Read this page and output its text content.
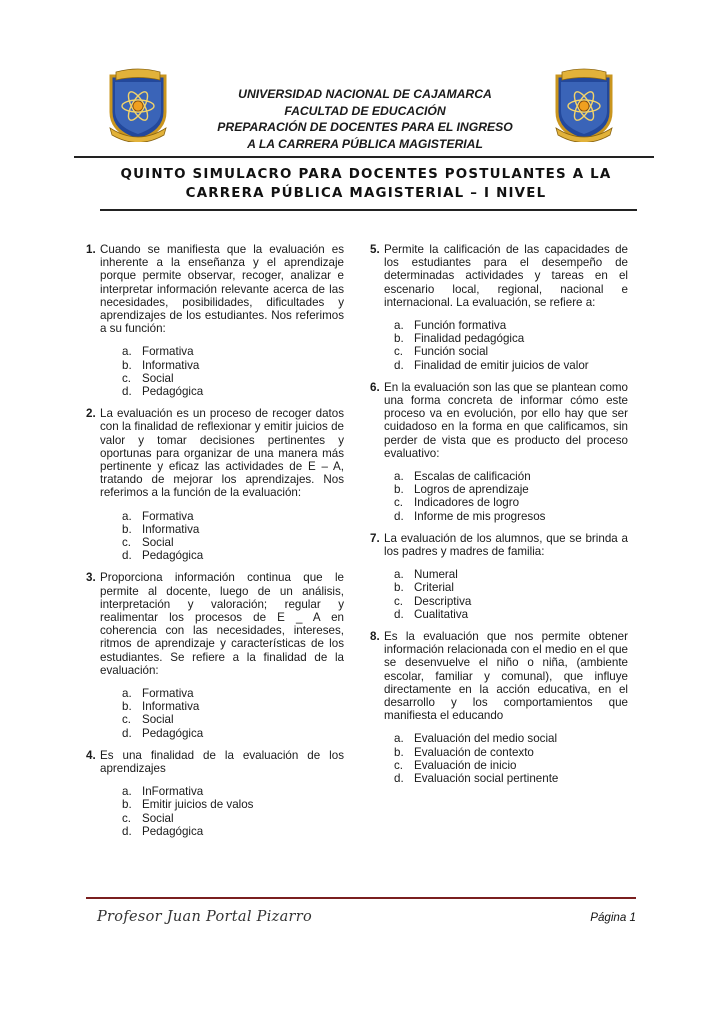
UNIVERSIDAD NACIONAL DE CAJAMARCA
FACULTAD DE EDUCACIÓN
PREPARACIÓN DE DOCENTES PARA EL INGRESO
A LA CARRERA PÚBLICA MAGISTERIAL
QUINTO SIMULACRO PARA DOCENTES POSTULANTES A LA
CARRERA PÚBLICA MAGISTERIAL – I NIVEL
1. Cuando se manifiesta que la evaluación es inherente a la enseñanza y el aprendizaje porque permite observar, recoger, analizar e interpretar información relevante acerca de las necesidades, posibilidades, dificultades y aprendizajes de los estudiantes. Nos referimos a su función:
a. Formativa
b. Informativa
c. Social
d. Pedagógica
2. La evaluación es un proceso de recoger datos con la finalidad de reflexionar y emitir juicios de valor y tomar decisiones pertinentes y oportunas para organizar de una manera más pertinente y eficaz las actividades de E – A, tratando de mejorar los aprendizajes. Nos referimos a la función de la evaluación:
a. Formativa
b. Informativa
c. Social
d. Pedagógica
3. Proporciona información continua que le permite al docente, luego de un análisis, interpretación y valoración; regular y realimentar los procesos de E _ A en coherencia con las necesidades, intereses, ritmos de aprendizaje y características de los estudiantes. Se refiere a la finalidad de la evaluación:
a. Formativa
b. Informativa
c. Social
d. Pedagógica
4. Es una finalidad de la evaluación de los aprendizajes
a. InFormativa
b. Emitir juicios de valos
c. Social
d. Pedagógica
5. Permite la calificación de las capacidades de los estudiantes para el desempeño de determinadas actividades y tareas en el escenario local, regional, nacional e internacional. La evaluación, se refiere a:
a. Función formativa
b. Finalidad pedagógica
c. Función social
d. Finalidad de emitir juicios de valor
6. En la evaluación son las que se plantean como una forma concreta de informar cómo este proceso va en evolución, por ello hay que ser cuidadoso en la forma en que calificamos, sin perder de vista que es producto del proceso evaluativo:
a. Escalas de calificación
b. Logros de aprendizaje
c. Indicadores de logro
d. Informe de mis progresos
7. La evaluación de los alumnos, que se brinda a los padres y madres de familia:
a. Numeral
b. Criterial
c. Descriptiva
d. Cualitativa
8. Es la evaluación que nos permite obtener información relacionada con el medio en el que se desenvuelve el niño o niña, (ambiente escolar, familiar y comunal), que influye directamente en la acción educativa, en el desarrollo y los comportamientos que manifiesta el educando
a. Evaluación del medio social
b. Evaluación de contexto
c. Evaluación de inicio
d. Evaluación social pertinente
Profesor Juan Portal Pizarro	Página 1
